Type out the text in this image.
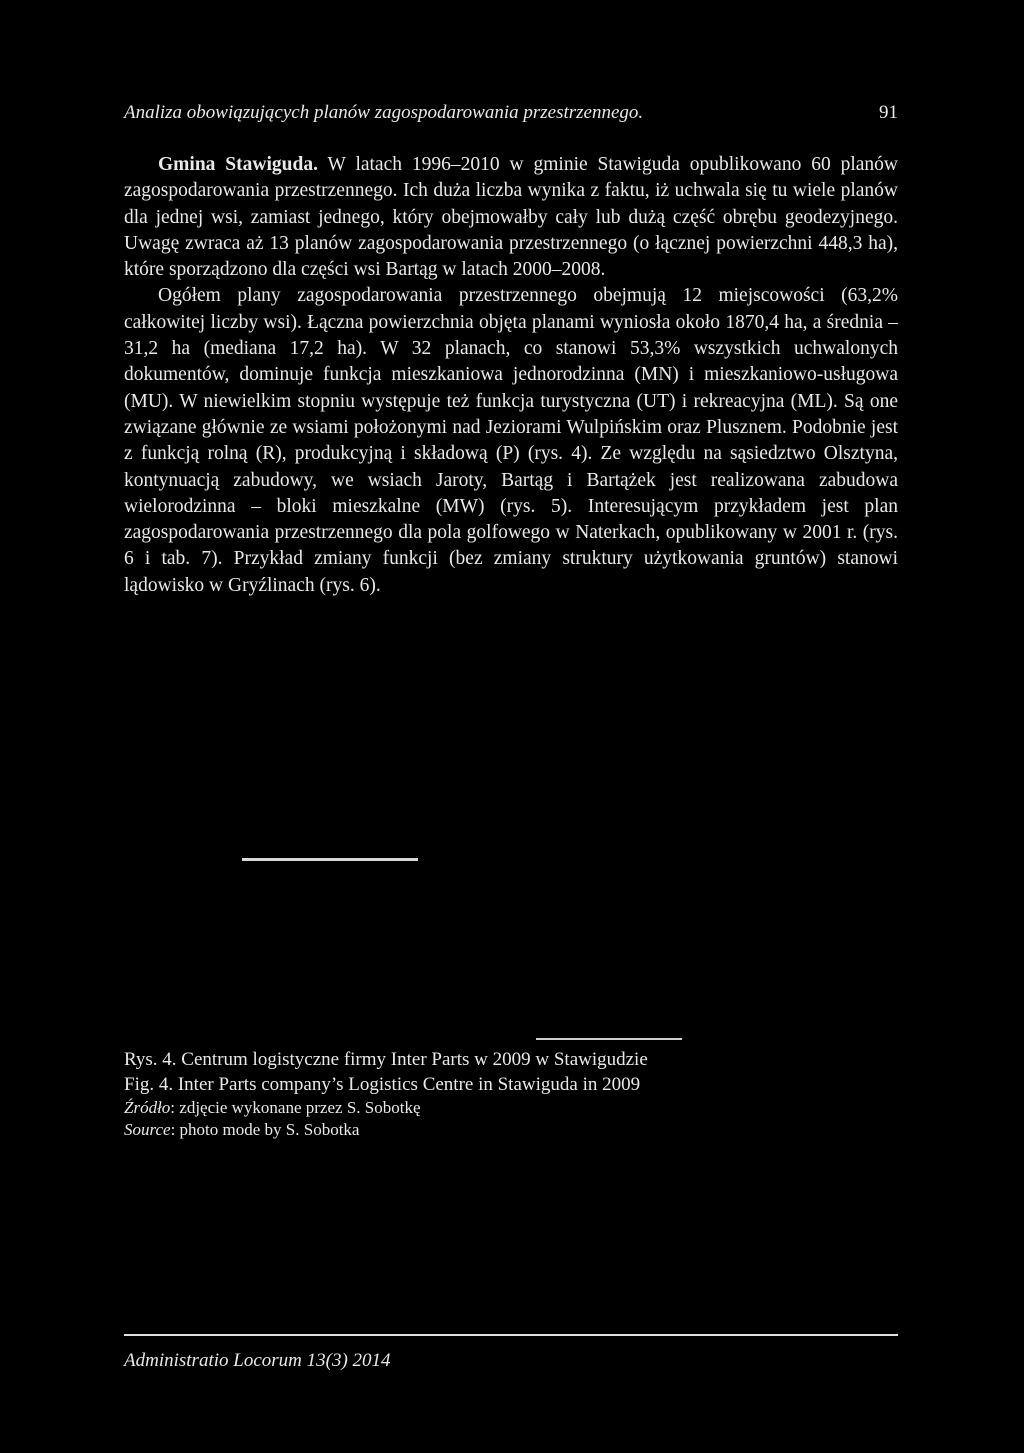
Analiza obowiązujących planów zagospodarowania przestrzennego.	91

Gmina Stawiguda. W latach 1996–2010 w gminie Stawiguda opublikowano 60 planów zagospodarowania przestrzennego. Ich duża liczba wynika z faktu, iż uchwala się tu wiele planów dla jednej wsi, zamiast jednego, który obejmowałby cały lub dużą część obrębu geodezyjnego. Uwagę zwraca aż 13 planów zagospodarowania przestrzennego (o łącznej powierzchni 448,3 ha), które sporządzono dla części wsi Bartąg w latach 2000–2008.

Ogółem plany zagospodarowania przestrzennego obejmują 12 miejscowości (63,2% całkowitej liczby wsi). Łączna powierzchnia objęta planami wyniosła około 1870,4 ha, a średnia – 31,2 ha (mediana 17,2 ha). W 32 planach, co stanowi 53,3% wszystkich uchwalonych dokumentów, dominuje funkcja mieszkaniowa jednorodzinna (MN) i mieszkaniowo-usługowa (MU). W niewielkim stopniu występuje też funkcja turystyczna (UT) i rekreacyjna (ML). Są one związane głównie ze wsiami położonymi nad Jeziorami Wulpińskim oraz Plusznem. Podobnie jest z funkcją rolną (R), produkcyjną i składową (P) (rys. 4). Ze względu na sąsiedztwo Olsztyna, kontynuacją zabudowy, we wsiach Jaroty, Bartąg i Bartążek jest realizowana zabudowa wielorodzinna – bloki mieszkalne (MW) (rys. 5). Interesującym przykładem jest plan zagospodarowania przestrzennego dla pola golfowego w Naterkach, opublikowany w 2001 r. (rys. 6 i tab. 7). Przykład zmiany funkcji (bez zmiany struktury użytkowania gruntów) stanowi lądowisko w Gryźlinach (rys. 6).

Rys. 4. Centrum logistyczne firmy Inter Parts w 2009 w Stawigudzie
Fig. 4. Inter Parts company’s Logistics Centre in Stawiguda in 2009
Źródło: zdjęcie wykonane przez S. Sobotkę
Source: photo mode by S. Sobotka
Administratio Locorum 13(3) 2014
